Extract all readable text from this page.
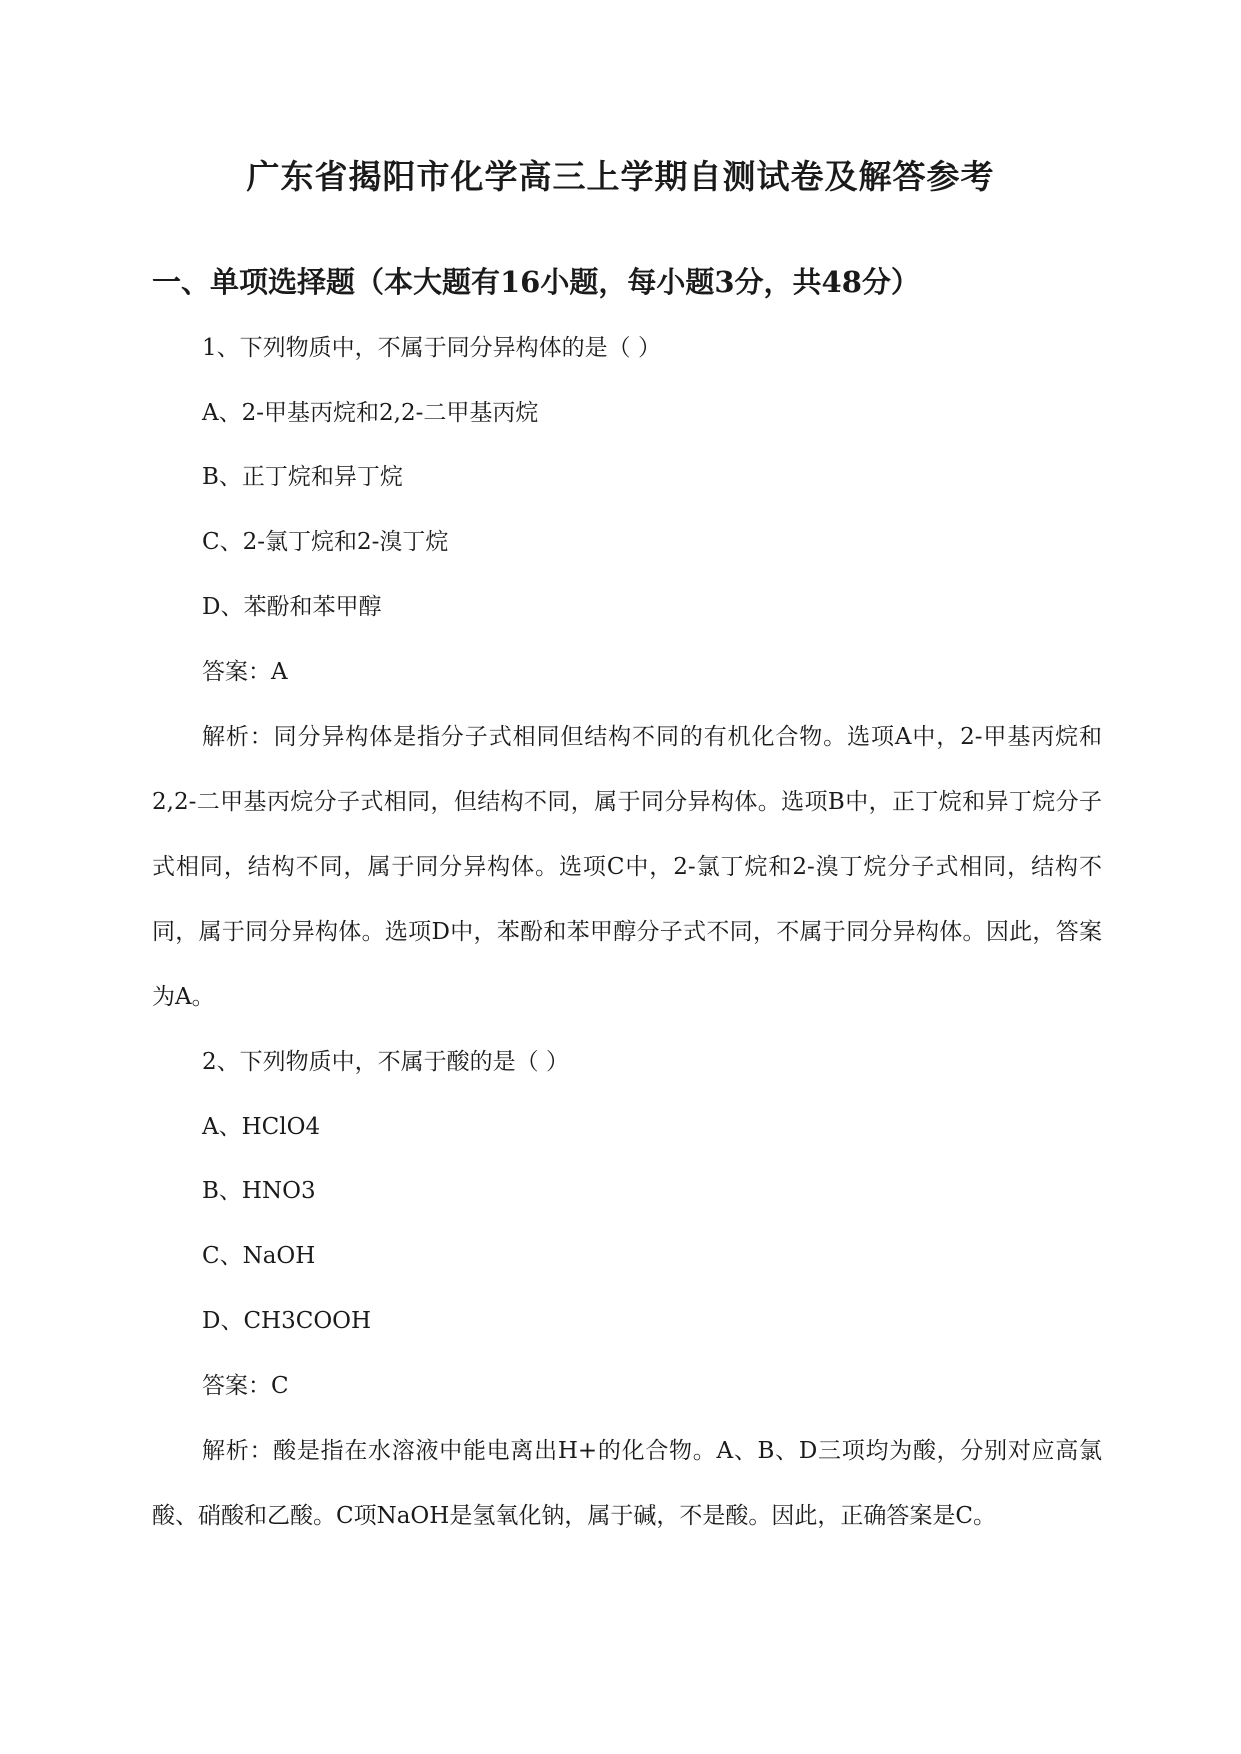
广东省揭阳市化学高三上学期自测试卷及解答参考
一、单项选择题（本大题有16小题，每小题3分，共48分）
1、下列物质中，不属于同分异构体的是（ ）
A、2-甲基丙烷和2,2-二甲基丙烷
B、正丁烷和异丁烷
C、2-氯丁烷和2-溴丁烷
D、苯酚和苯甲醇
答案：A
解析：同分异构体是指分子式相同但结构不同的有机化合物。选项A中，2-甲基丙烷和2,2-二甲基丙烷分子式相同，但结构不同，属于同分异构体。选项B中，正丁烷和异丁烷分子式相同，结构不同，属于同分异构体。选项C中，2-氯丁烷和2-溴丁烷分子式相同，结构不同，属于同分异构体。选项D中，苯酚和苯甲醇分子式不同，不属于同分异构体。因此，答案为A。
2、下列物质中，不属于酸的是（ ）
A、HClO4
B、HNO3
C、NaOH
D、CH3COOH
答案：C
解析：酸是指在水溶液中能电离出H+的化合物。A、B、D三项均为酸，分别对应高氯酸、硝酸和乙酸。C项NaOH是氢氧化钠，属于碱，不是酸。因此，正确答案是C。
